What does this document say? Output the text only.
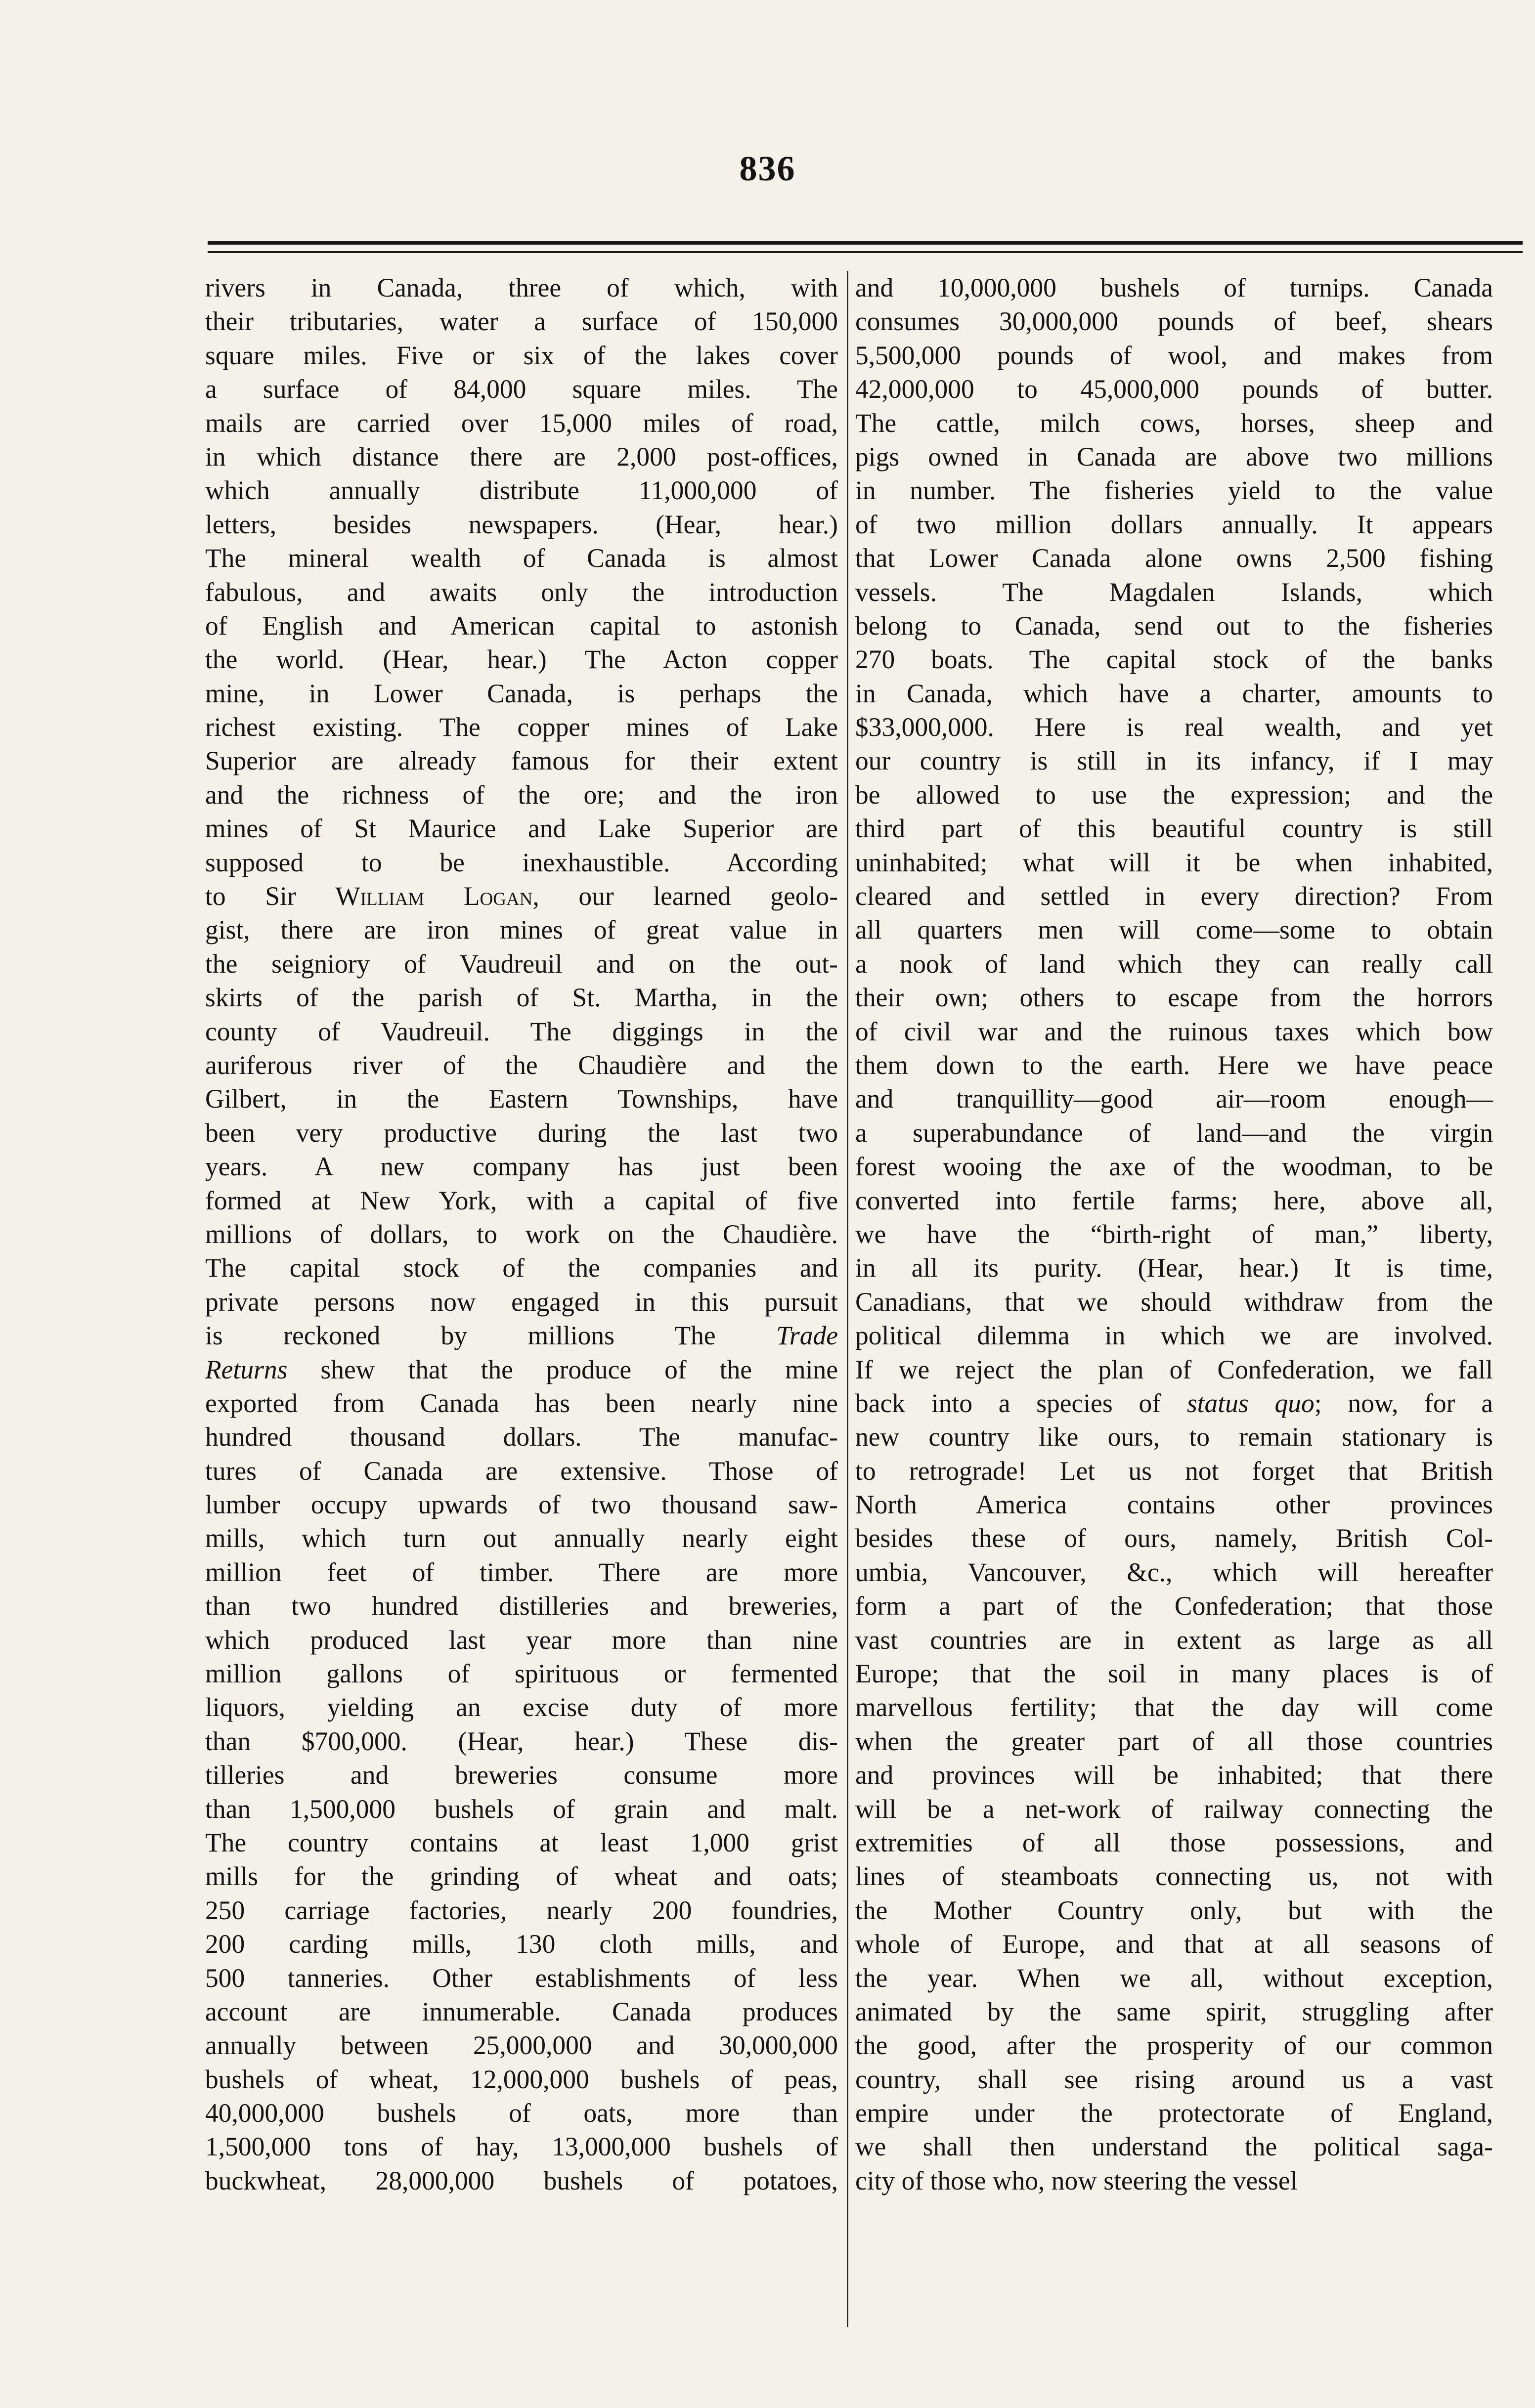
836
rivers in Canada, three of which, with
their tributaries, water a surface of 150,000
square miles. Five or six of the lakes cover
a surface of 84,000 square miles. The
mails are carried over 15,000 miles of road,
in which distance there are 2,000 post-offices,
which annually distribute 11,000,000 of
letters, besides newspapers. (Hear, hear.)
The mineral wealth of Canada is almost
fabulous, and awaits only the introduction
of English and American capital to astonish
the world. (Hear, hear.) The Acton copper
mine, in Lower Canada, is perhaps the
richest existing. The copper mines of Lake
Superior are already famous for their extent
and the richness of the ore; and the iron
mines of St Maurice and Lake Superior are
supposed to be inexhaustible. According
to Sir William Logan, our learned geolo-
gist, there are iron mines of great value in
the seigniory of Vaudreuil and on the out-
skirts of the parish of St. Martha, in the
county of Vaudreuil. The diggings in the
auriferous river of the Chaudière and the
Gilbert, in the Eastern Townships, have
been very productive during the last two
years. A new company has just been
formed at New York, with a capital of five
millions of dollars, to work on the Chaudière.
The capital stock of the companies and
private persons now engaged in this pursuit
is reckoned by millions The Trade
Returns shew that the produce of the mine
exported from Canada has been nearly nine
hundred thousand dollars. The manufac-
tures of Canada are extensive. Those of
lumber occupy upwards of two thousand saw-
mills, which turn out annually nearly eight
million feet of timber. There are more
than two hundred distilleries and breweries,
which produced last year more than nine
million gallons of spirituous or fermented
liquors, yielding an excise duty of more
than $700,000. (Hear, hear.) These dis-
tilleries and breweries consume more
than 1,500,000 bushels of grain and malt.
The country contains at least 1,000 grist
mills for the grinding of wheat and oats;
250 carriage factories, nearly 200 foundries,
200 carding mills, 130 cloth mills, and
500 tanneries. Other establishments of less
account are innumerable. Canada produces
annually between 25,000,000 and 30,000,000
bushels of wheat, 12,000,000 bushels of peas,
40,000,000 bushels of oats, more than
1,500,000 tons of hay, 13,000,000 bushels of
buckwheat, 28,000,000 bushels of potatoes,
and 10,000,000 bushels of turnips. Canada
consumes 30,000,000 pounds of beef, shears
5,500,000 pounds of wool, and makes from
42,000,000 to 45,000,000 pounds of butter.
The cattle, milch cows, horses, sheep and
pigs owned in Canada are above two millions
in number. The fisheries yield to the value
of two million dollars annually. It appears
that Lower Canada alone owns 2,500 fishing
vessels. The Magdalen Islands, which
belong to Canada, send out to the fisheries
270 boats. The capital stock of the banks
in Canada, which have a charter, amounts to
$33,000,000. Here is real wealth, and yet
our country is still in its infancy, if I may
be allowed to use the expression; and the
third part of this beautiful country is still
uninhabited; what will it be when inhabited,
cleared and settled in every direction? From
all quarters men will come—some to obtain
a nook of land which they can really call
their own; others to escape from the horrors
of civil war and the ruinous taxes which bow
them down to the earth. Here we have peace
and tranquillity—good air—room enough—
a superabundance of land—and the virgin
forest wooing the axe of the woodman, to be
converted into fertile farms; here, above all,
we have the “birth-right of man,” liberty,
in all its purity. (Hear, hear.) It is time,
Canadians, that we should withdraw from the
political dilemma in which we are involved.
If we reject the plan of Confederation, we fall
back into a species of status quo; now, for a
new country like ours, to remain stationary is
to retrograde! Let us not forget that British
North America contains other provinces
besides these of ours, namely, British Col-
umbia, Vancouver, &c., which will hereafter
form a part of the Confederation; that those
vast countries are in extent as large as all
Europe; that the soil in many places is of
marvellous fertility; that the day will come
when the greater part of all those countries
and provinces will be inhabited; that there
will be a net-work of railway connecting the
extremities of all those possessions, and
lines of steamboats connecting us, not with
the Mother Country only, but with the
whole of Europe, and that at all seasons of
the year. When we all, without exception,
animated by the same spirit, struggling after
the good, after the prosperity of our common
country, shall see rising around us a vast
empire under the protectorate of England,
we shall then understand the political saga-
city of those who, now steering the vessel
